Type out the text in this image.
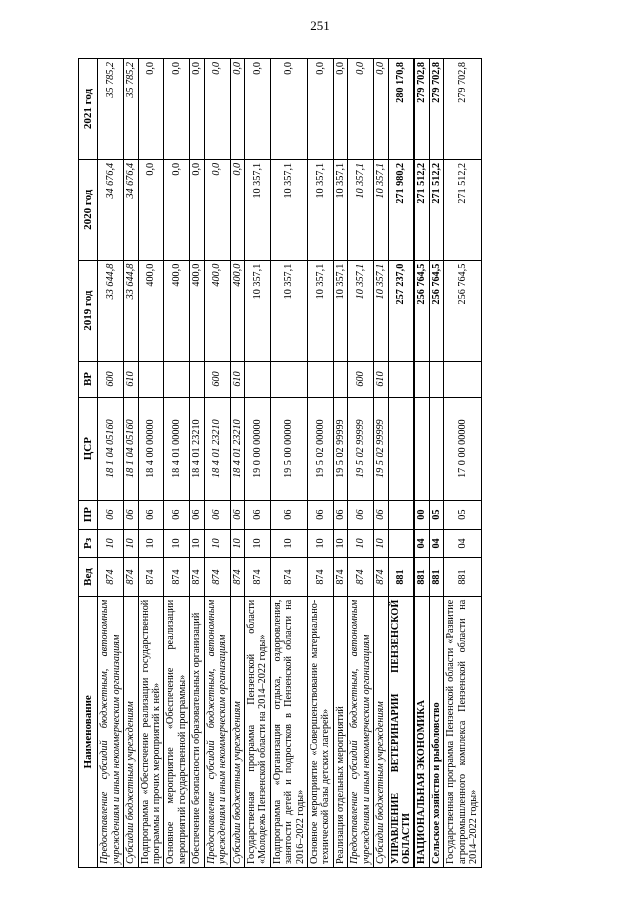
251
Наименование	Вед	Рз	ПР	ЦСР	ВР	2019 год	2020 год	2021 год
Предоставление субсидий бюджетным, автономным учреждениям и иным некоммерческим организациям	874	10	06	18 1 04 05160	600	33 644,8	34 676,4	35 785,2
Субсидии бюджетным учреждениям	874	10	06	18 1 04 05160	610	33 644,8	34 676,4	35 785,2
Подпрограмма «Обеспечение реализации государственной программы и прочих мероприятий к ней»	874	10	06	18 4 00 00000		400,0	0,0	0,0
Основное мероприятие «Обеспечение реализации мероприятий государственной программы»	874	10	06	18 4 01 00000		400,0	0,0	0,0
Обеспечение безопасности образовательных организаций	874	10	06	18 4 01 23210		400,0	0,0	0,0
Предоставление субсидий бюджетным, автономным учреждениям и иным некоммерческим организациям	874	10	06	18 4 01 23210	600	400,0	0,0	0,0
Субсидии бюджетным учреждениям	874	10	06	18 4 01 23210	610	400,0	0,0	0,0
Государственная программа Пензенской области «Молодежь Пензенской области на 2014–2022 годы»	874	10	06	19 0 00 00000		10 357,1	10 357,1	0,0
Подпрограмма «Организация отдыха, оздоровления, занятости детей и подростков в Пензенской области на 2016–2022 годы»	874	10	06	19 5 00 00000		10 357,1	10 357,1	0,0
Основное мероприятие «Совершенствование материально-технической базы детских лагерей»	874	10	06	19 5 02 00000		10 357,1	10 357,1	0,0
Реализация отдельных мероприятий	874	10	06	19 5 02 99999		10 357,1	10 357,1	0,0
Предоставление субсидий бюджетным, автономным учреждениям и иным некоммерческим организациям	874	10	06	19 5 02 99999	600	10 357,1	10 357,1	0,0
Субсидии бюджетным учреждениям	874	10	06	19 5 02 99999	610	10 357,1	10 357,1	0,0
УПРАВЛЕНИЕ ВЕТЕРИНАРИИ ПЕНЗЕНСКОЙ ОБЛАСТИ	881					257 237,0	271 980,2	280 170,8
НАЦИОНАЛЬНАЯ ЭКОНОМИКА	881	04	00			256 764,5	271 512,2	279 702,8
Сельское хозяйство и рыболовство	881	04	05			256 764,5	271 512,2	279 702,8
Государственная программа Пензенской области «Развитие агропромышленного комплекса Пензенской области на 2014–2022 годы»	881	04	05	17 0 00 00000		256 764,5	271 512,2	279 702,8
